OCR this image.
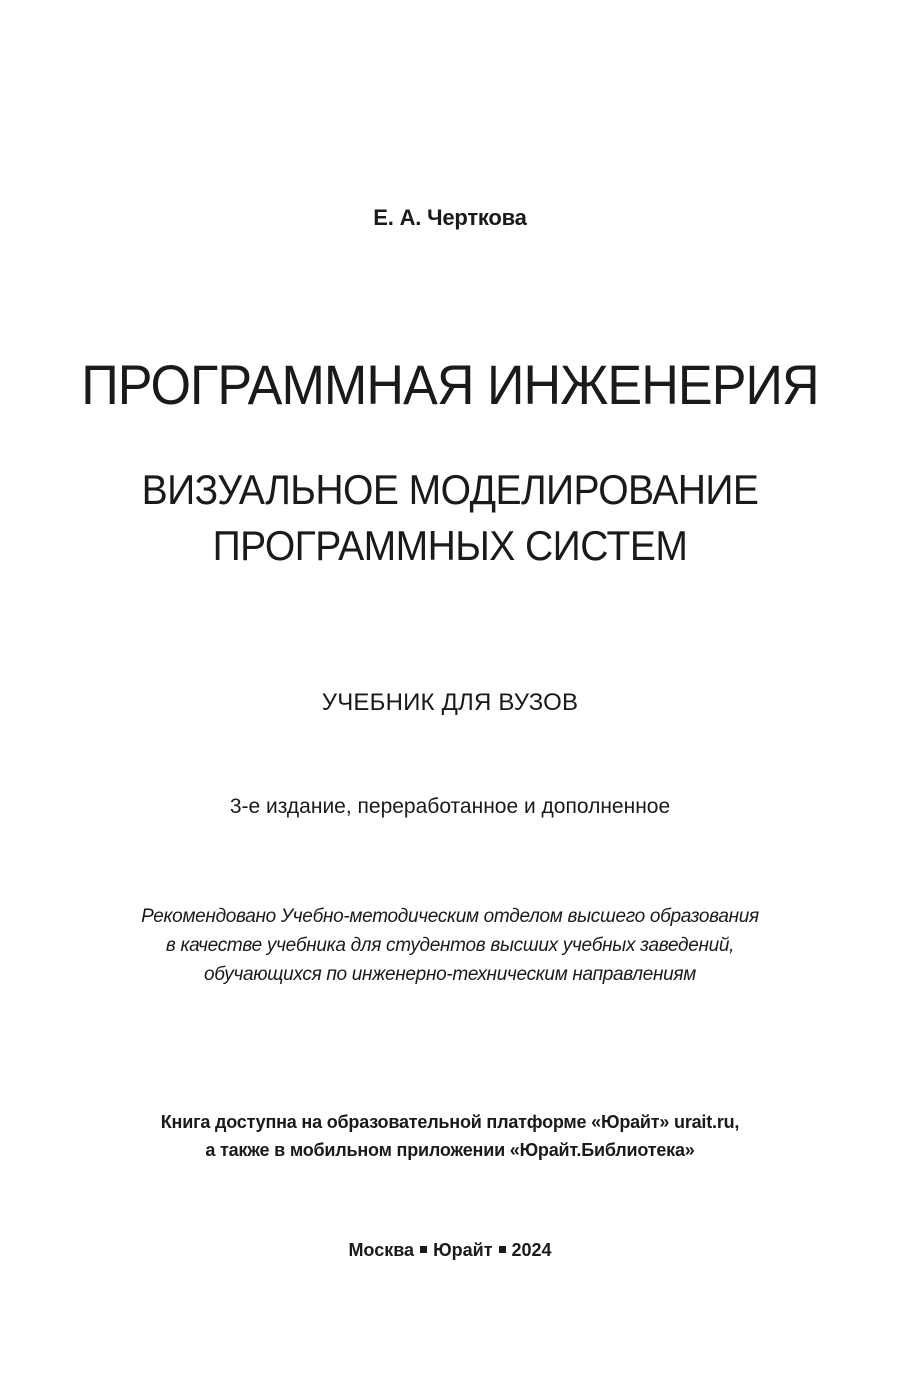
Е. А. Черткова
ПРОГРАММНАЯ ИНЖЕНЕРИЯ
ВИЗУАЛЬНОЕ МОДЕЛИРОВАНИЕ
ПРОГРАММНЫХ СИСТЕМ
УЧЕБНИК ДЛЯ ВУЗОВ
3-е издание, переработанное и дополненное
Рекомендовано Учебно-методическим отделом высшего образования
в качестве учебника для студентов высших учебных заведений,
обучающихся по инженерно-техническим направлениям
Книга доступна на образовательной платформе «Юрайт» urait.ru,
а также в мобильном приложении «Юрайт.Библиотека»
Москва Юрайт 2024
